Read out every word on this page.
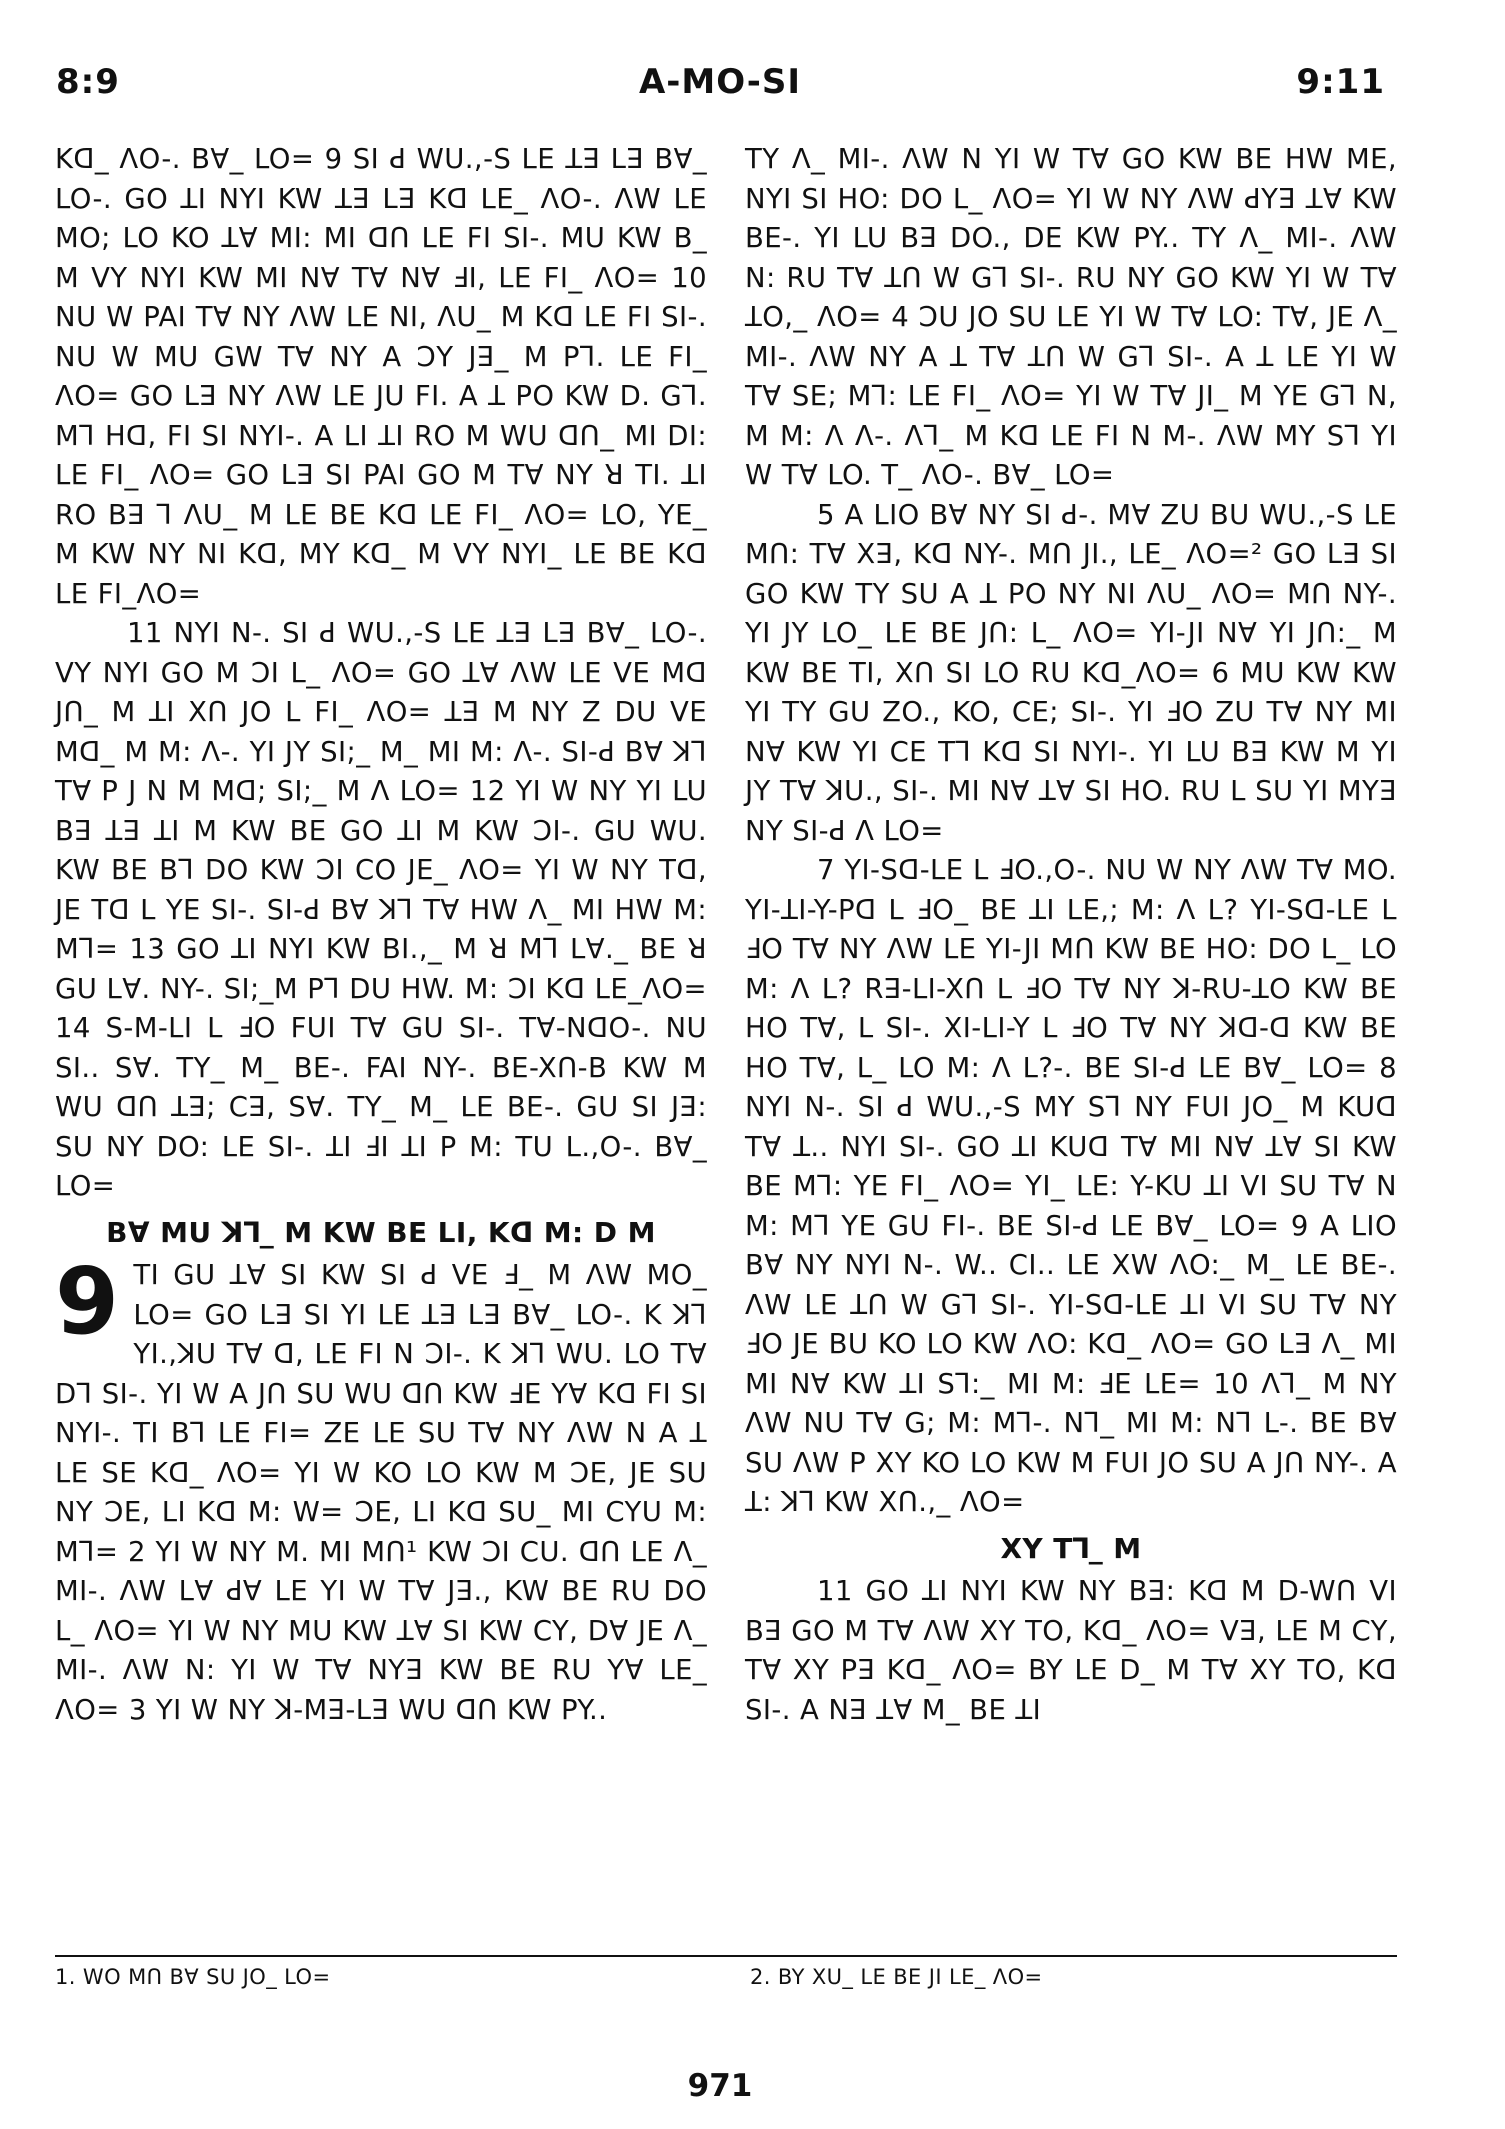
8:9	A-MO-SI	9:11

Kꓷ_ ꓥO-. Bꓯ_ LO= 9 SI ꓒ WU.,-S LE ꓕꓱ ꓡꓱ Bꓯ_ LO-. GO ꓕI NYI KW ꓕꓱ ꓡꓱ Kꓷ LE_ ꓥO-. ꓥW LE MO; LO KO ꓕꓯ MI: MI ꓷꓵ LE FI SI-. MU KW B_ M VY NYI KW MI Nꓯ Tꓯ Nꓯ ꓞI, LE FI_ ꓥO= 10 NU W PAI Tꓯ NY ꓥW LE NI, ꓥU_ M Kꓷ LE FI SI-. NU W MU GW Tꓯ NY A ꓛY Jꓱ_ M Pꓶ. LE FI_ ꓥO= GO ꓡꓱ NY ꓥW LE JU FI. A ꓕ PO KW D. Gꓶ. Mꓶ Hꓷ, FI SI NYI-. A LI ꓕI RO M WU ꓷꓵ_ MI DI: LE FI_ ꓥO= GO ꓡꓱ SI PAI GO M Tꓯ NY ꓤ TI. ꓕI RO Bꓱ ꓶ ꓥU_ M LE BE Kꓷ LE FI_ ꓥO= LO, YE_ M KW NY NI Kꓷ, MY Kꓷ_ M VY NYI_ LE BE Kꓷ LE FI_ꓥO=

11 NYI N-. SI ꓒ WU.,-S LE ꓕꓱ ꓡꓱ Bꓯ_ LO-. VY NYI GO M ꓛI L_ ꓥO= GO ꓕꓯ ꓥW LE VE Mꓷ Jꓵ_ M ꓕI Xꓵ JO L FI_ ꓥO= ꓕꓱ M NY Z DU VE Mꓷ_ M M: ꓥ-. YI JY SI;_ M_ MI M: ꓥ-. SI-ꓒ Bꓯ ꓘꓶ Tꓯ P J N M Mꓷ; SI;_ M ꓥ LO= 12 YI W NY YI LU Bꓱ ꓕꓱ ꓕI M KW BE GO ꓕI M KW ꓛI-. GU WU. KW BE Bꓶ DO KW ꓛI CO JE_ ꓥO= YI W NY Tꓷ, JE Tꓷ L YE SI-. SI-ꓒ Bꓯ ꓘꓶ Tꓯ HW ꓥ_ MI HW M: Mꓶ= 13 GO ꓕI NYI KW BI.,_ M ꓤ Mꓶ Lꓯ._ BE ꓤ GU Lꓯ. NY-. SI;_M Pꓶ DU HW. M: ꓛI Kꓷ LE_ꓥO= 14 S-M-LI L ꓞO FUI Tꓯ GU SI-. Tꓯ-NꓷO-. NU SI.. Sꓯ. TY_ M_ BE-. FAI NY-. BE-Xꓵ-B KW M WU ꓷꓵ ꓕꓱ; Cꓱ, Sꓯ. TY_ M_ LE BE-. GU SI Jꓱ: SU NY DO: LE SI-. ꓕI ꓞI ꓕI P M: TU L.,O-. Bꓯ_ LO=

Bꓯ MU ꓘꓶ_ M KW BE LI, Kꓷ M: D M
9 TI GU ꓕꓯ SI KW SI ꓒ VE ꓞ_ M ꓥW MO_ LO= GO ꓡꓱ SI YI LE ꓕꓱ ꓡꓱ Bꓯ_ LO-. K ꓘꓶ YI.,ꓘU Tꓯ ꓷ, LE FI N ꓛI-. K ꓘꓶ WU. LO Tꓯ Dꓶ SI-. YI W A Jꓵ SU WU ꓷꓵ KW ꓞE Yꓯ Kꓷ FI SI NYI-. TI Bꓶ LE FI= ZE LE SU Tꓯ NY ꓥW N A ꓕ LE SE Kꓷ_ ꓥO= YI W KO LO KW M ꓛE, JE SU NY ꓛE, LI Kꓷ M: W= ꓛE, LI Kꓷ SU_ MI CYU M: Mꓶ= 2 YI W NY M. MI Mꓵ¹ KW ꓛI CU. ꓷꓵ LE ꓥ_ MI-. ꓥW Lꓯ ꓒꓯ LE YI W Tꓯ Jꓱ., KW BE RU DO L_ ꓥO= YI W NY MU KW ꓕꓯ SI KW CY, Dꓯ JE ꓥ_ MI-. ꓥW N: YI W Tꓯ NYꓱ KW BE RU Yꓯ LE_ ꓥO= 3 YI W NY ꓘ-Mꓱ-ꓡꓱ WU ꓷꓵ KW PY..

TY ꓥ_ MI-. ꓥW N YI W Tꓯ GO KW BE HW ME, NYI SI HO: DO L_ ꓥO= YI W NY ꓥW ꓒYꓱ ꓕꓯ KW BE-. YI LU Bꓱ DO., DE KW PY.. TY ꓥ_ MI-. ꓥW N: ꓣU Tꓯ ꓕꓵ W Gꓶ SI-. ꓣU NY GO KW YI W Tꓯ ꓕO,_ ꓥO= 4 ꓛU JO SU LE YI W Tꓯ LO: Tꓯ, JE ꓥ_ MI-. ꓥW NY A ꓕ Tꓯ ꓕꓵ W Gꓶ SI-. A ꓕ LE YI W Tꓯ SE; Mꓶ: LE FI_ ꓥO= YI W Tꓯ JI_ M YE Gꓶ N, M M: ꓥ ꓥ-. ꓥꓶ_ M Kꓷ LE FI N M-. ꓥW MY Sꓶ YI W Tꓯ LO. T_ ꓥO-. Bꓯ_ LO=

5 A LIO Bꓯ NY SI ꓒ-. Mꓯ ZU BU WU.,-S LE Mꓵ: Tꓯ Xꓱ, Kꓷ NY-. Mꓵ JI., LE_ ꓥO=² GO ꓡꓱ SI GO KW TY SU A ꓕ PO NY NI ꓥU_ ꓥO= Mꓵ NY-. YI JY LO_ LE BE Jꓵ: L_ ꓥO= YI-JI Nꓯ YI Jꓵ:_ M KW BE TI, Xꓵ SI LO ꓣU Kꓷ_ꓥO= 6 MU KW KW YI TY GU ZO., KO, CE; SI-. YI ꓞO ZU Tꓯ NY MI Nꓯ KW YI CE Tꓶ Kꓷ SI NYI-. YI LU Bꓱ KW M YI JY Tꓯ ꓘU., SI-. MI Nꓯ ꓕꓯ SI HO. ꓣU L SU YI MYꓱ NY SI-ꓒ ꓥ LO=

7 YI-Sꓷ-LE L ꓞO.,O-. NU W NY ꓥW Tꓯ MO. YI-ꓕI-Y-Pꓷ L ꓞO_ BE ꓕI LE,; M: ꓥ L? YI-Sꓷ-LE L ꓞO Tꓯ NY ꓥW LE YI-JI Mꓵ KW BE HO: DO L_ LO M: ꓥ L? ꓣꓱ-LI-Xꓵ L ꓞO Tꓯ NY ꓘ-ꓣU-ꓕO KW BE HO Tꓯ, L SI-. XI-LI-Y L ꓞO Tꓯ NY ꓘꓷ-ꓷ KW BE HO Tꓯ, L_ LO M: ꓥ L?-. BE SI-ꓒ LE Bꓯ_ LO= 8 NYI N-. SI ꓒ WU.,-S MY Sꓶ NY FUI JO_ M KUꓷ Tꓯ ꓕ.. NYI SI-. GO ꓕI KUꓷ Tꓯ MI Nꓯ ꓕꓯ SI KW BE Mꓶ: YE FI_ ꓥO= YI_ LE: Y-KU ꓕI VI SU Tꓯ N M: Mꓶ YE GU FI-. BE SI-ꓒ LE Bꓯ_ LO= 9 A LIO Bꓯ NY NYI N-. W.. CI.. LE XW ꓥO:_ M_ LE BE-. ꓥW LE ꓕꓵ W Gꓶ SI-. YI-Sꓷ-LE ꓕI VI SU Tꓯ NY ꓞO JE BU KO LO KW ꓥO: Kꓷ_ ꓥO= GO ꓡꓱ ꓥ_ MI MI Nꓯ KW ꓕI Sꓶ:_ MI M: ꓞE LE= 10 ꓥꓶ_ M NY ꓥW NU Tꓯ G; M: Mꓶ-. Nꓶ_ MI M: Nꓶ L-. BE Bꓯ SU ꓥW P XY KO LO KW M FUI JO SU A Jꓵ NY-. A ꓕ: ꓘꓶ KW Xꓵ.,_ ꓥO=

XY Tꓶ_ M

11 GO ꓕI NYI KW NY Bꓱ: Kꓷ M D-Wꓵ VI Bꓱ GO M Tꓯ ꓥW XY TO, Kꓷ_ ꓥO= Vꓱ, LE M CY, Tꓯ XY Pꓱ Kꓷ_ ꓥO= BY LE D_ M Tꓯ XY TO, Kꓷ SI-. A Nꓱ ꓕꓯ M_ BE ꓕI

1. WO Mꓵ Bꓯ SU JO_ LO=	2. BY XU_ LE BE JI LE_ ꓥO=
971
